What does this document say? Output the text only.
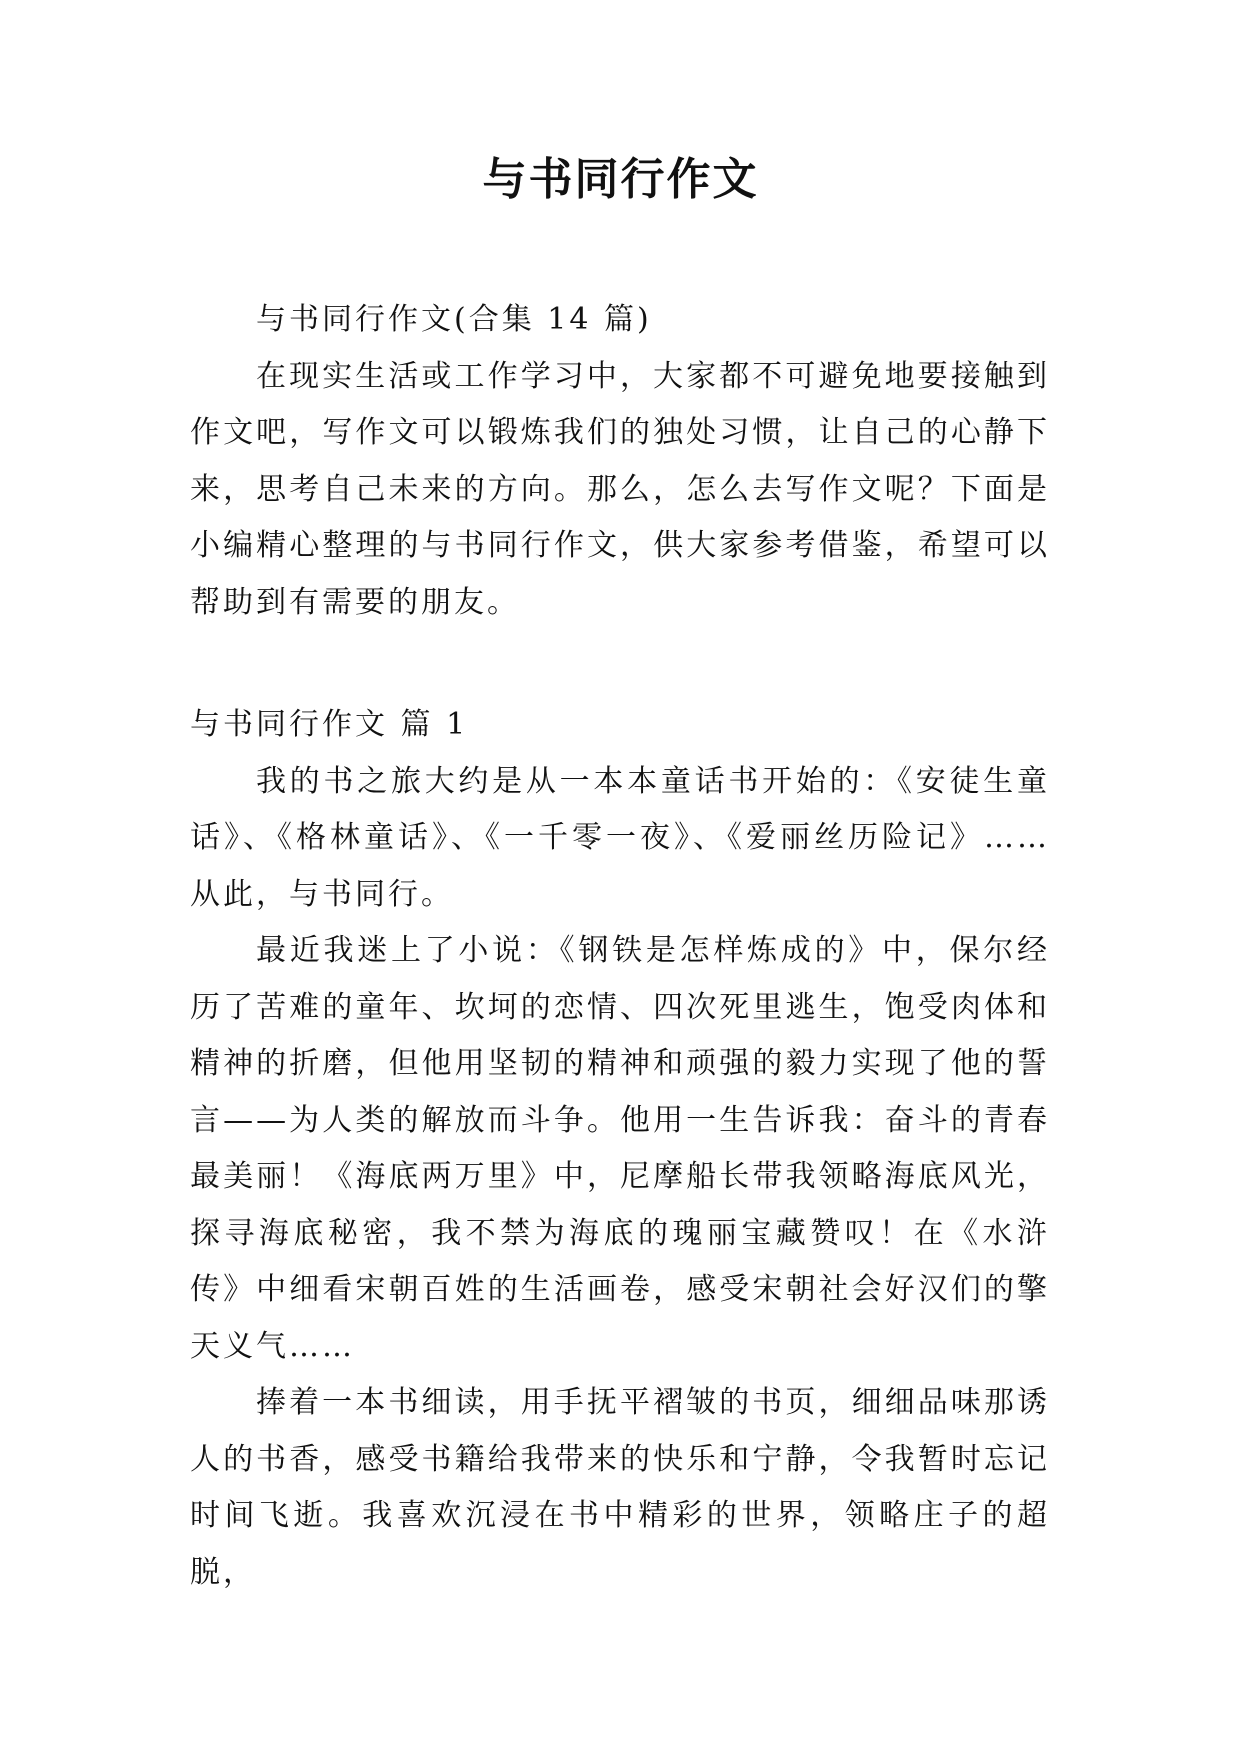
与书同行作文

与书同行作文(合集 14 篇)

在现实生活或工作学习中，大家都不可避免地要接触到作文吧，写作文可以锻炼我们的独处习惯，让自己的心静下来，思考自己未来的方向。那么，怎么去写作文呢？下面是小编精心整理的与书同行作文，供大家参考借鉴，希望可以帮助到有需要的朋友。

与书同行作文 篇 1

我的书之旅大约是从一本本童话书开始的：《安徒生童话》、《格林童话》、《一千零一夜》、《爱丽丝历险记》……从此，与书同行。

最近我迷上了小说：《钢铁是怎样炼成的》中，保尔经历了苦难的童年、坎坷的恋情、四次死里逃生，饱受肉体和精神的折磨，但他用坚韧的精神和顽强的毅力实现了他的誓言——为人类的解放而斗争。他用一生告诉我：奋斗的青春最美丽！《海底两万里》中，尼摩船长带我领略海底风光，探寻海底秘密，我不禁为海底的瑰丽宝藏赞叹！在《水浒传》中细看宋朝百姓的生活画卷，感受宋朝社会好汉们的擎天义气……

捧着一本书细读，用手抚平褶皱的书页，细细品味那诱人的书香，感受书籍给我带来的快乐和宁静，令我暂时忘记时间飞逝。我喜欢沉浸在书中精彩的世界，领略庄子的超脱，
